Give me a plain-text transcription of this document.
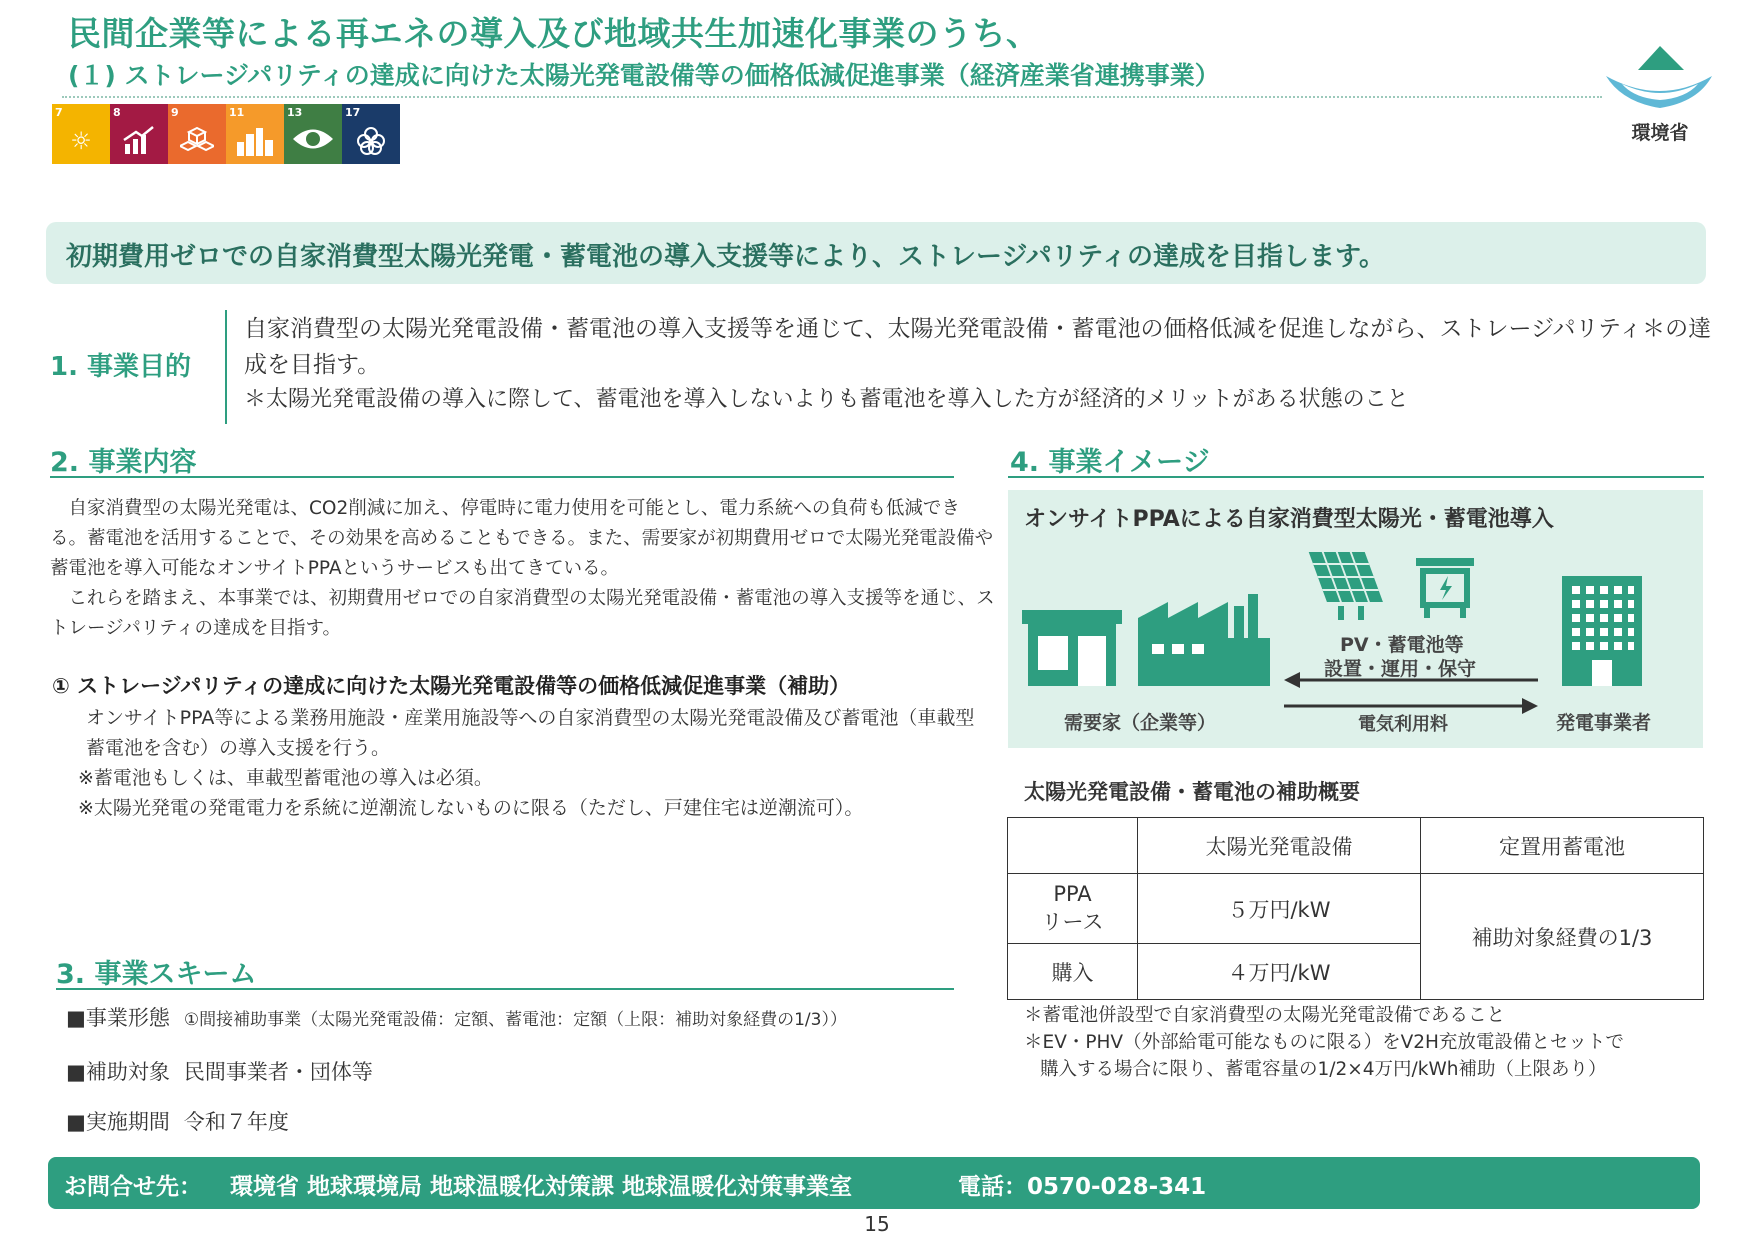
民間企業等による再エネの導入及び地域共生加速化事業のうち、
(１) ストレージパリティの達成に向けた太陽光発電設備等の価格低減促進事業（経済産業省連携事業）
7
☼
8	9	11	13	17
環境省
初期費用ゼロでの自家消費型太陽光発電・蓄電池の導入支援等により、ストレージパリティの達成を目指します。
1. 事業目的
自家消費型の太陽光発電設備・蓄電池の導入支援等を通じて、太陽光発電設備・蓄電池の価格低減を促進しながら、ストレージパリティ＊の達成を目指す。
＊太陽光発電設備の導入に際して、蓄電池を導入しないよりも蓄電池を導入した方が経済的メリットがある状態のこと
2. 事業内容

自家消費型の太陽光発電は、CO2削減に加え、停電時に電力使用を可能とし、電力系統への負荷も低減できる。蓄電池を活用することで、その効果を高めることもできる。また、需要家が初期費用ゼロで太陽光発電設備や蓄電池を導入可能なオンサイトPPAというサービスも出てきている。

これらを踏まえ、本事業では、初期費用ゼロでの自家消費型の太陽光発電設備・蓄電池の導入支援等を通じ、ストレージパリティの達成を目指す。

① ストレージパリティの達成に向けた太陽光発電設備等の価格低減促進事業（補助）
オンサイトPPA等による業務用施設・産業用施設等への自家消費型の太陽光発電設備及び蓄電池（車載型蓄電池を含む）の導入支援を行う。
※蓄電池もしくは、車載型蓄電池の導入は必須。
※太陽光発電の発電電力を系統に逆潮流しないものに限る（ただし、戸建住宅は逆潮流可）。
3. 事業スキーム
■事業形態 ①間接補助事業（太陽光発電設備：定額、蓄電池：定額（上限：補助対象経費の1/3））
■補助対象 民間事業者・団体等
■実施期間 令和７年度
4. 事業イメージ
オンサイトPPAによる自家消費型太陽光・蓄電池導入
PV・蓄電池等
設置・運用・保守
需要家（企業等）	電気利用料	発電事業者
太陽光発電設備・蓄電池の補助概要
	太陽光発電設備	定置用蓄電池

PPA
リース	５万円/kW	補助対象経費の1/3
購入	４万円/kW	
＊蓄電池併設型で自家消費型の太陽光発電設備であること
＊EV・PHV（外部給電可能なものに限る）をV2H充放電設備とセットで
購入する場合に限り、蓄電容量の1/2×4万円/kWh補助（上限あり）
お問合せ先： 環境省 地球環境局 地球温暖化対策課 地球温暖化対策事業室	電話：0570-028-341
15
